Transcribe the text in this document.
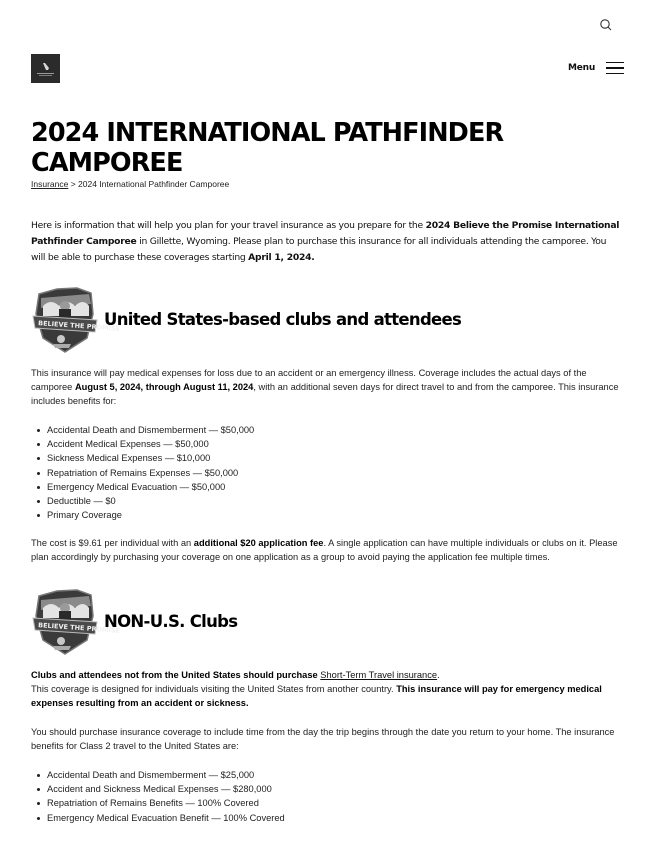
Menu
2024 INTERNATIONAL PATHFINDER CAMPOREE
Insurance > 2024 International Pathfinder Camporee

Here is information that will help you plan for your travel insurance as you prepare for the 2024 Believe the Promise International Pathfinder Camporee in Gillette, Wyoming. Please plan to purchase this insurance for all individuals attending the camporee. You will be able to purchase these coverages starting April 1, 2024.

BELIEVE THE PROMISE
United States-based clubs and attendees

This insurance will pay medical expenses for loss due to an accident or an emergency illness. Coverage includes the actual days of the camporee August 5, 2024, through August 11, 2024, with an additional seven days for direct travel to and from the camporee. This insurance includes benefits for:

Accidental Death and Dismemberment — $50,000
Accident Medical Expenses — $50,000
Sickness Medical Expenses — $10,000
Repatriation of Remains Expenses — $50,000
Emergency Medical Evacuation — $50,000
Deductible — $0
Primary Coverage

The cost is $9.61 per individual with an additional $20 application fee. A single application can have multiple individuals or clubs on it. Please plan accordingly by purchasing your coverage on one application as a group to avoid paying the application fee multiple times.

BELIEVE THE PROMISE
NON-U.S. Clubs

Clubs and attendees not from the United States should purchase Short-Term Travel insurance.
This coverage is designed for individuals visiting the United States from another country. This insurance will pay for emergency medical expenses resulting from an accident or sickness.

You should purchase insurance coverage to include time from the day the trip begins through the date you return to your home. The insurance benefits for Class 2 travel to the United States are:

Accidental Death and Dismemberment — $25,000
Accident and Sickness Medical Expenses — $280,000
Repatriation of Remains Benefits — 100% Covered
Emergency Medical Evacuation Benefit — 100% Covered
